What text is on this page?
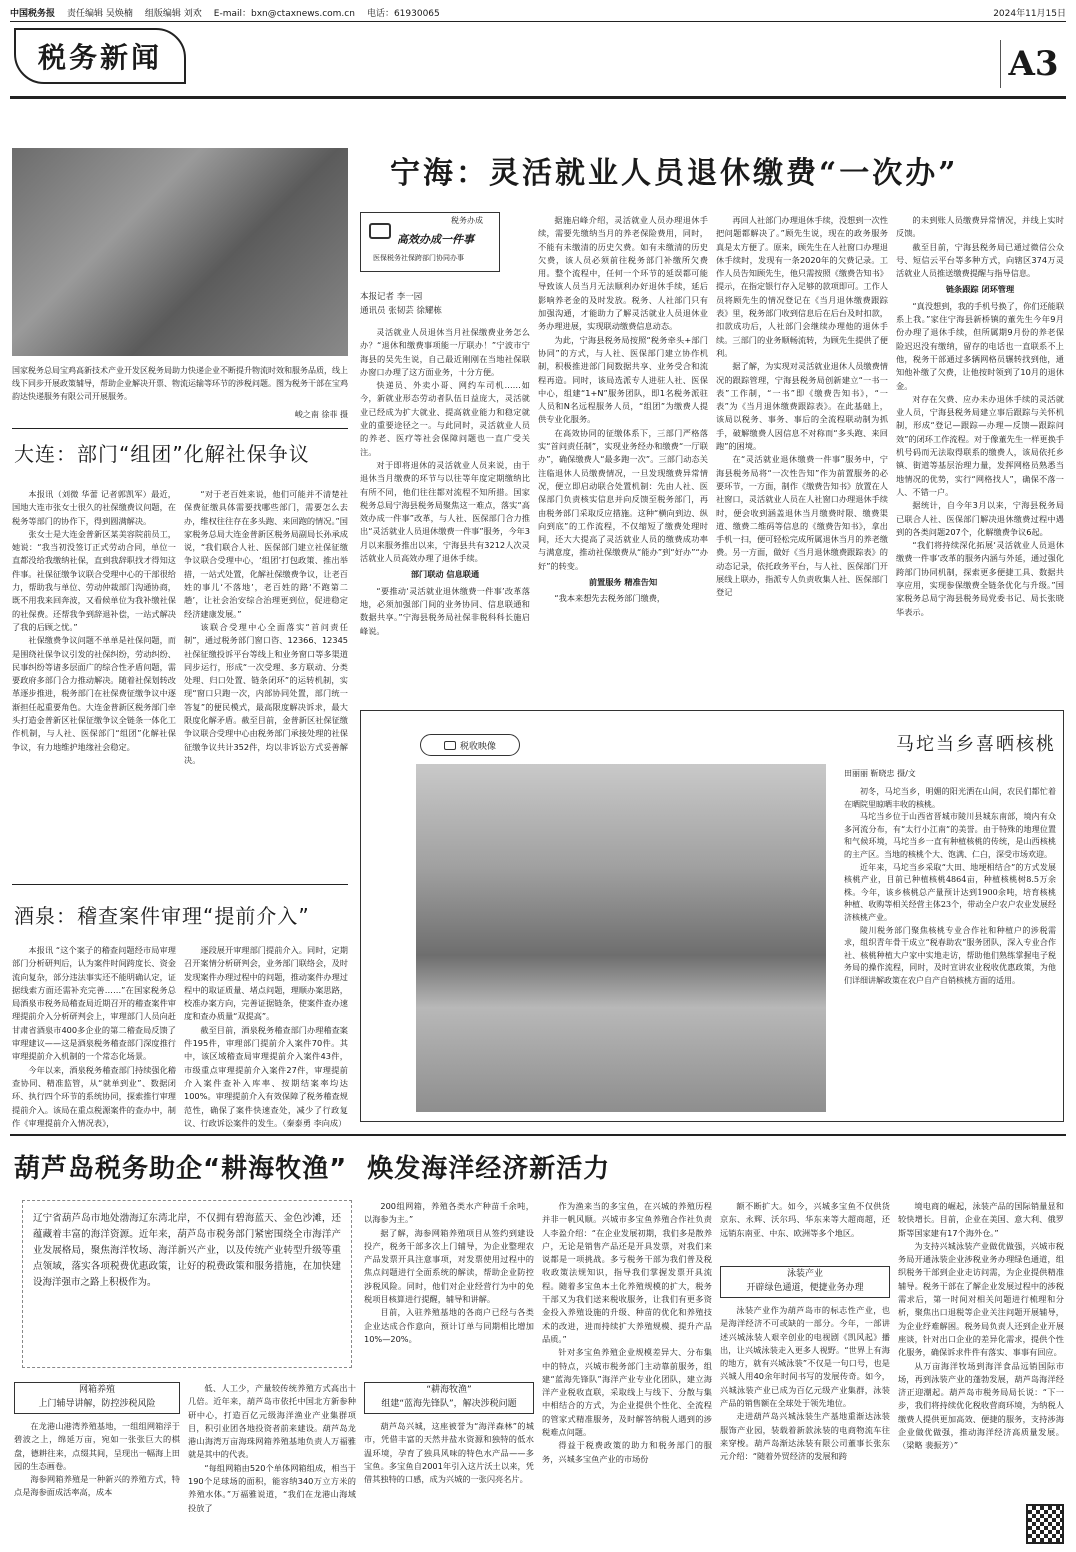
中国税务报 责任编辑 吴焕楠 组版编辑 刘欢 E-mail：bxn@ctaxnews.com.cn 电话：61930065	2024年11月15日
税务新闻	A3
国家税务总局宝鸡高新技术产业开发区税务局助力快递企业不断提升物流时效和服务品质，线上线下同步开展政策辅导，帮助企业解决开票、物流运输等环节的涉税问题。图为税务干部在宝鸡韵达快递服务有限公司开展服务。
峻之南 徐菲 摄
大连：部门“组团”化解社保争议

本报讯（刘微 华蕾 记者郭凯军）最近，国地大连市张女士很久的社保缴费议问题，在税务等部门的协作下，得到圆满解决。

张女士是大连金普新区某美容院前员工，她说：“我当初没签订正式劳动合同，单位一直都没给我缴纳社保，直到我辞职找才得知这件事。社保征缴争议联合受理中心的干部很给力，帮助我与单位、劳动仲裁部门沟通协商，既不用我来回奔波，又看候单位为我补缴社保的社保费。还帮我争到辞退补偿，一站式解决了我的后顾之忧。”

社保缴费争议问题不单单是社保问题，而是围绕社保争议引发的社保纠纷，劳动纠纷、民事纠纷等诸多层面广的综合性矛盾问题，需要政府多部门合力推动解决。随着社保划转改革逐步推进，税务部门在社保费征缴争议中逐渐担任起重要角色。大连金普新区税务部门牵头打造金普新区社保征缴争议全链条一体化工作机制，与人社、医保部门“组团”化解社保争议，有力地维护地缘社会稳定。

“对于老百姓来说，他们可能并不清楚社保费征缴具体需要找哪些部门，需要怎么去办，维权往往存在多头跑、来回跑的情况。”国家税务总局大连金普新区税务局副局长孙承成说，“我们联合人社、医保部门建立社保征缴争议联合受理中心，‘组团’打包政策、推出举措，一站式处置，化解社保缴费争议，让老百姓的事儿‘不落地’，老百姓的路‘不跑第二趟’，让社会治安综合治理更到位，促进稳定经济建康发展。”

该联合受理中心全面落实“首问责任制”，通过税务部门窗口咨、12366、12345社保征缴投诉平台等线上和业务窗口等多渠道同步运行，形成“一次受理、多方联动、分类处理、归口处置、链条闭环”的运转机制，实现“窗口只跑一次，内部协同处置，部门统一答复”的便民模式，最高限度解决诉求，最大限度化解矛盾。截至目前，金普新区社保征缴争议联合受理中心由税务部门承接处理的社保征缴争议共计352件，均以非诉讼方式妥善解决。

酒泉：稽查案件审理“提前介入”

本报讯 “这个案子的稽查问题经市局审理部门分析研判后，认为案件时间跨度长、资金流向复杂，部分违法事实还不能明确认定，证据线索方面还需补充完善……”在国家税务总局酒泉市税务局稽查局近期召开的稽查案件审理提前介入分析研判会上，审理部门人员向赶甘肃省酒泉市400多企业的第二稽查局反馈了审理建议——这是酒泉税务稽查部门深度推行审理提前介入机制的一个常态化场景。

今年以来，酒泉税务稽查部门持续强化稽查协同、精准监管，从“就单到业”、数据闭环、执行四个环节的系统协同，探索推行审理提前介入。该局在重点税源案件的查办中，制作《审理提前介入情况表》，

逐段展开审理部门提前介入。同时，定期召开案情分析研判会，业务部门联络会，及时发现案件办理过程中的问题，推动案件办理过程中的取证质量、堵点问题，理顺办案思路，校准办案方向，完善证据链条，使案件查办速度和查办质量“双提高”。

截至目前，酒泉税务稽查部门办理稽查案件195件，审理部门提前介入案件70件。其中，该区域稽查局审理提前介入案件43件，市级重点审理提前介入案件27件，审理提前介入案件查补入库率、按期结案率均达100%。审理提前介入有效保障了税务稽查规范性，确保了案件快速查处，减少了行政复议、行政诉讼案件的发生。（秦泰勇 李向成）

宁海：灵活就业人员退休缴费“一次办”
税务办成
高效办成一件事
医保税务社保跨部门协同办事
本报记者 李一园
通讯员 张韧芸 徐耀栋

灵活就业人员退休当月社保缴费业务怎么办？“退休和缴费事项能一厅联办！”宁波市宁海县的吴先生说，自己最近刚刚在当地社保联办窗口办理了这方面业务，十分方便。

快递员、外卖小哥、网约车司机……如今，新就业形态劳动者队伍日益庞大，灵活就业已经成为扩大就业、提高就业能力和稳定就业的重要途径之一。与此同时，灵活就业人员的养老、医疗等社会保障问题也一直广受关注。

对于即将退休的灵活就业人员来说，由于退休当月缴费的环节与以往等年度定期缴纳比有所不同，他们往往都对流程不知所措。国家税务总局宁海县税务局聚焦这一难点，落实“高效办成一件事”改革，与人社、医保部门合力推出“灵活就业人员退休缴费一件事”服务，今年3月以来服务推出以来，宁海县共有3212人次灵活就业人员高效办理了退休手续。

部门联动 信息联通

“要推动‘灵活就业退休缴费一件事’改革落地，必须加强部门间的业务协同、信息联通和数据共享。”宁海县税务局社保非税科科长施启峰说。

据施启峰介绍，灵活就业人员办理退休手续，需要先缴纳当月的养老保险费用，同时，不能有未缴清的历史欠费。如有未缴清的历史欠费，该人员必须前往税务部门补缴所欠费用。整个流程中，任何一个环节的延误都可能导致该人员当月无法顺利办好退休手续，延后影响养老金的及时发放。税务、人社部门只有加强沟通，才能助力了解灵活就业人员退休业务办理进展，实现联动缴费信息动态。

为此，宁海县税务局按照“税务牵头+部门协同”的方式，与人社、医保部门建立协作机制，积极推进部门间数据共享、业务受合和流程再造。同时，该局选派专人进驻人社、医保中心，组建“1+N”服务团队，即1名税务派驻人员和N名远程服务人员，“组团”为缴费人提供专业化服务。

在高效协同的征缴体系下，三部门严格落实“首问责任制”，实现业务经办和缴费“一厅联办”，确保缴费人“最多跑一次”。三部门动态关注临退休人员缴费情况，一旦发现缴费异常情况，便立即启动联合处置机制：先由人社、医保部门负责核实信息并向反馈至税务部门，再由税务部门采取反应措施。这种“横向到边、纵向到底”的工作流程，不仅缩短了缴费处理时间，还大大提高了灵活就业人员的缴费成功率与满意度，推动社保缴费从“能办”到“好办”“办好”的转变。

前置服务 精准告知

“我本来想先去税务部门缴费，

再回人社部门办理退休手续，没想到一次性把问题都解决了。”顾先生说，现在的政务服务真是太方便了。原来，顾先生在人社窗口办理退休手续时，发现有一条2020年的欠费记录。工作人员告知顾先生，他只需按照《缴费告知书》提示，在指定银行存入足够的款项即可。工作人员将顾先生的情况登记在《当月退休缴费跟踪表》里，税务部门收到信息后在后台及时扣款，扣款成功后，人社部门会继续办理他的退休手续。三部门的业务顺畅流转，为顾先生提供了便利。

据了解，为实现对灵活就业退休人员缴费情况的跟踪管理，宁海县税务局创新建立“一书一表”工作制，“一书”即《缴费告知书》，“一表”为《当月退休缴费跟踪表》。在此基础上，该局以税务、事务、事后的全流程联动制为抓手，破解缴费人因信息不对称而“多头跑、来回跑”的困境。

在“灵活就业退休缴费一件事”服务中，宁海县税务局将“一次性告知”作为前置服务的必要环节，一方面，制作《缴费告知书》放置在人社窗口，灵活就业人员在人社窗口办理退休手续时，便会收到涵盖退休当月缴费时限、缴费渠道、缴费二维码等信息的《缴费告知书》，拿出手机一扫，便可轻松完成所属退休当月的养老缴费。另一方面，做好《当月退休缴费跟踪表》的动态记录，依托政务平台，与人社、医保部门开展线上联办，指派专人负责收集人社、医保部门登记

的未到账人员缴费异常情况，并线上实时反馈。

截至目前，宁海县税务局已通过微信公众号、短信云平台等多种方式，向辖区374万灵活就业人员推送缴费提醒与指导信息。

链条跟踪 闭环管理

“真没想到，我的手机号换了，你们还能联系上我。”家住宁海县新桥镇的董先生今年9月份办理了退休手续，但所属期9月份的养老保险迟迟没有缴纳，留存的电话也一直联系不上他，税务干部通过多辆网格员辗转找到他，通知他补缴了欠费，让他按时领到了10月的退休金。

对存在欠费、应办未办退休手续的灵活就业人员，宁海县税务局建立事后跟踪与关怀机制，形成“登记—跟踪—办理—反馈—跟踪问效”的闭环工作流程。对于像董先生一样更换手机号码而无法取得联系的缴费人，该局依托乡镇、街道等基层治理力量，发挥网格员熟悉当地情况的优势，实行“网格找人”，确保不落一人、不错一户。

据统计，自今年3月以来，宁海县税务局已联合人社、医保部门解决退休缴费过程中遇到的各类问题207个，化解缴费争议6起。

“我们将持续深化拓展‘灵活就业人员退休缴费一件事’改革的服务内涵与外延，通过强化跨部门协同机制，探索更多便捷工具、数据共享应用，实现参保缴费全链条优化与升级。”国家税务总局宁海县税务局党委书记、局长张晓华表示。

税收映像	马坨当乡喜晒核桃
田丽丽 靳晓忠 摄/文

初冬，马坨当乡，明媚的阳光洒在山间，农民们都忙着在晒院里晾晒丰收的核桃。

马坨当乡位于山西省晋城市陵川县城东南部，境内有众多河流分布，有“太行小江南”的美誉。由于特殊的地理位置和气候环境，马坨当乡一直有种植核桃的传统，是山西核桃的主产区。当地的核桃个大、饱满、仁白，深受市场欢迎。

近年来，马坨当乡采取“大田、地埂相结合”的方式发展核桃产业，目前已种植核桃4864亩，种植核桃树8.5万余株。今年，该乡核桃总产量预计达到1900余吨，培育核桃种植、收购等相关经营主体23个，带动全户农户农业发展经济核桃产业。

陵川税务部门聚焦核桃专业合作社和种植户的涉税需求，组织青年骨干成立“税春助农”服务团队，深入专业合作社、核桃种植大户家中实地走访，帮助他们熟练掌握电子税务局的操作流程，同时，及时宣讲农业税收优惠政策，为他们详细讲解政策在农户自产自销核桃方面的适用。

葫芦岛税务助企“耕海牧渔”  焕发海洋经济新活力
辽宁省葫芦岛市地处渤海辽东湾北岸，不仅拥有碧海蓝天、金色沙滩，还蕴藏着丰富的海洋资源。近年来，葫芦岛市税务部门紧密围绕全市海洋产业发展格局，聚焦海洋牧场、海洋新兴产业，以及传统产业转型升级等重点领域，落实各项税费优惠政策，让好的税费政策和服务措施，在加快建设海洋强市之路上积极作为。
网箱养殖
上门辅导讲解，防控涉税风险

在龙港山港湾养殖基地，一组组网箱浮于碧波之上，绵延万亩，宛如一张张巨大的棋盘，德耕往来，点缀其间，呈现出一幅海上田园的生态画卷。

海参网箱养殖是一种新兴的养殖方式，特点是海参面成活率高，成本

低、人工少，产量较传统养殖方式高出十几倍。近年来，葫芦岛市依托中国北方新参种研中心，打造百亿元级海洋渔业产业集群项目，积引业团各地投资者前来建设。葫芦岛龙港山海湾万亩海珠网箱养殖基地负责人万福雅就是其中的代表。

“每组网箱由520个单体网箱组成，相当于190个足球场的面积，能容纳340万立方米的养殖水体。”万福雅说道，“我们在龙港山海域投放了

200组网箱，养殖各类水产种苗千余吨，以海参为主。”

据了解，海参网箱养殖项目从签约到建设投产，税务干部多次上门辅导，为企业整理农产品发票开具注意事项，对发票使用过程中的焦点问题进行全面系统的解读，帮助企业防控涉税风险。同时，他们对企业经营行为中的免税项目核算进行提醒，辅导和讲解。

目前，入驻养殖基地的各商户已经与各类企业达成合作意向，预计订单与同期相比增加10%—20%。

“耕海牧渔”
组建“蓝海先锋队”，解决涉税问题

葫芦岛兴城，这座被誉为“海洋森林”的城市，凭借丰富的天然井盐水资源和独特的低水温环境，孕育了独具风味的特色水产品——多宝鱼。多宝鱼自2001年引入这片沃土以来，凭借其独特的口感，成为兴城的一张闪亮名片。

作为渔来当的多宝鱼，在兴城的养殖历程并非一帆风顺。兴城市多宝鱼养殖合作社负责人李盈介绍：“在企业发展初期，我们多是散养户，无论是销售产品还是开具发票，对我们来说都是一项挑战。多亏税务干部为我们普及税收政策法规知识，指导我们掌握发票开具流程。随着多宝鱼本土化养殖规模的扩大，税务干部又为我们送来税收服务，让我们有更多资金投入养殖设施的升级、种苗的优化和养殖技术的改进，进而持续扩大养殖规模、提升产品品质。”

针对多宝鱼养殖企业规模差异大、分布集中的特点，兴城市税务部门主动靠前服务，组建“蓝海先锋队”海洋产业专业化团队，建立海洋产业税收直联，采取线上与线下、分散与集中相结合的方式，为企业提供个性化、全流程的管家式精准服务，及时解答纳税人遇到的涉税难点问题。

得益于税费政策的助力和税务部门的服务，兴城多宝鱼产业的市场份

额不断扩大。如今，兴城多宝鱼不仅供货京东、永辉、沃尔玛、华东来等大超商超，还远销东南亚、中东、欧洲等多个地区。

泳装产业
开辟绿色通道，便捷业务办理

泳装产业作为葫芦岛市的标志性产业，也是海洋经济不可或缺的一部分。今年，一部讲述兴城泳装人艰辛创业的电视剧《凯风起》播出，让兴城泳装走入更多人视野。“世界上有海的地方，就有兴城泳装”不仅是一句口号，也是兴城人用40余年时间书写的发展传奇。如今，兴城泳装产业已成为百亿元级产业集群，泳装产品的销售额在全球处于领先地位。

走进葫芦岛兴城泳装生产基地重渐达泳装服饰产业园，装载着新款泳装的电商物流车往来穿梭。葫芦岛渐达泳装有限公司董事长张东元介绍：“随着外贸经济的发展和跨

境电商的崛起，泳装产品的国际销量显和较快增长。目前，企业在美国、意大利、俄罗斯等国家建有17个海外仓。”

为支持兴城泳装产业做优做强，兴城市税务局开通泳装企业涉税业务办理绿色通道，组织税务干部到企业走访问需，为企业提供精准辅导。税务干部在了解企业发展过程中的涉税需求后，第一时间对相关问题进行梳理和分析，聚焦出口退税等企业关注问题开展辅导，为企业纾难解困。税务局负责人还到企业开展座谈，针对出口企业的差异化需求，提供个性化服务，确保诉求件件有落实、事事有回应。

从万亩海洋牧场到海洋食品远销国际市场，再到泳装产业的蓬勃发展，葫芦岛海洋经济正迎潮起。葫芦岛市税务局局长说：“下一步，我们将持续优化税收营商环境，为纳税人缴费人提供更加高效、便捷的服务，支持涉海企业做优做强，推动海洋经济高质量发展。（梁略 裴振芳）”
